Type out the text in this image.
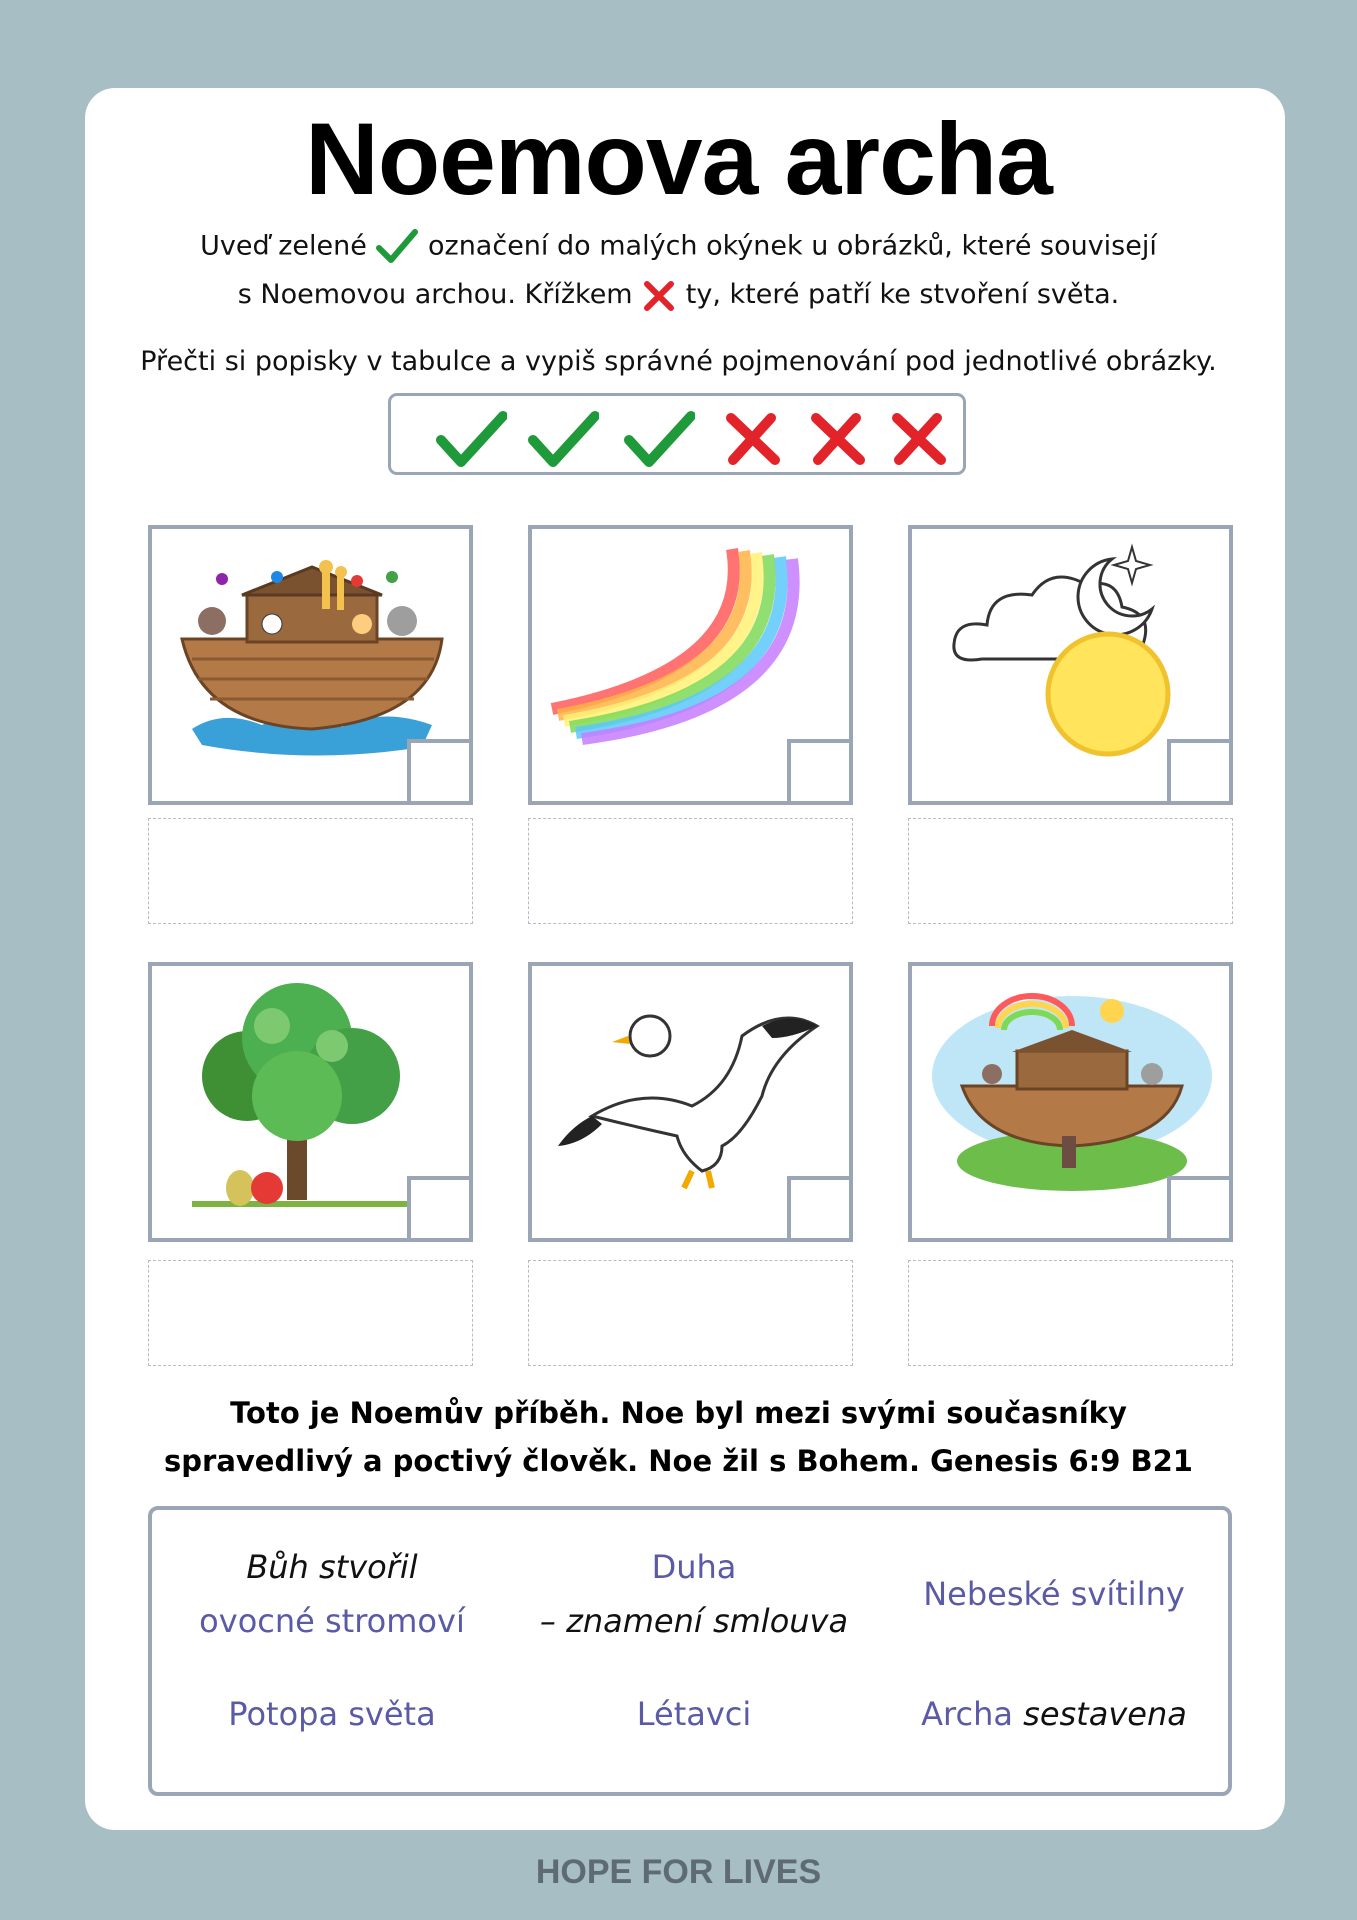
Noemova archa
Uveď zelené  označení do malých okýnek u obrázků, které souvisejí
s Noemovou archou. Křížkem  ty, které patří ke stvoření světa.
Přečti si popisky v tabulce a vypiš správné pojmenování pod jednotlivé obrázky.
Toto je Noemův příběh. Noe byl mezi svými současníky
spravedlivý a poctivý člověk. Noe žil s Bohem. Genesis 6:9 B21
Bůh stvořil
ovocné stromoví
Duha
– znamení smlouva
Nebeské svítilny
Potopa světa	Létavci	Archa sestavena
HOPE FOR LIVES
